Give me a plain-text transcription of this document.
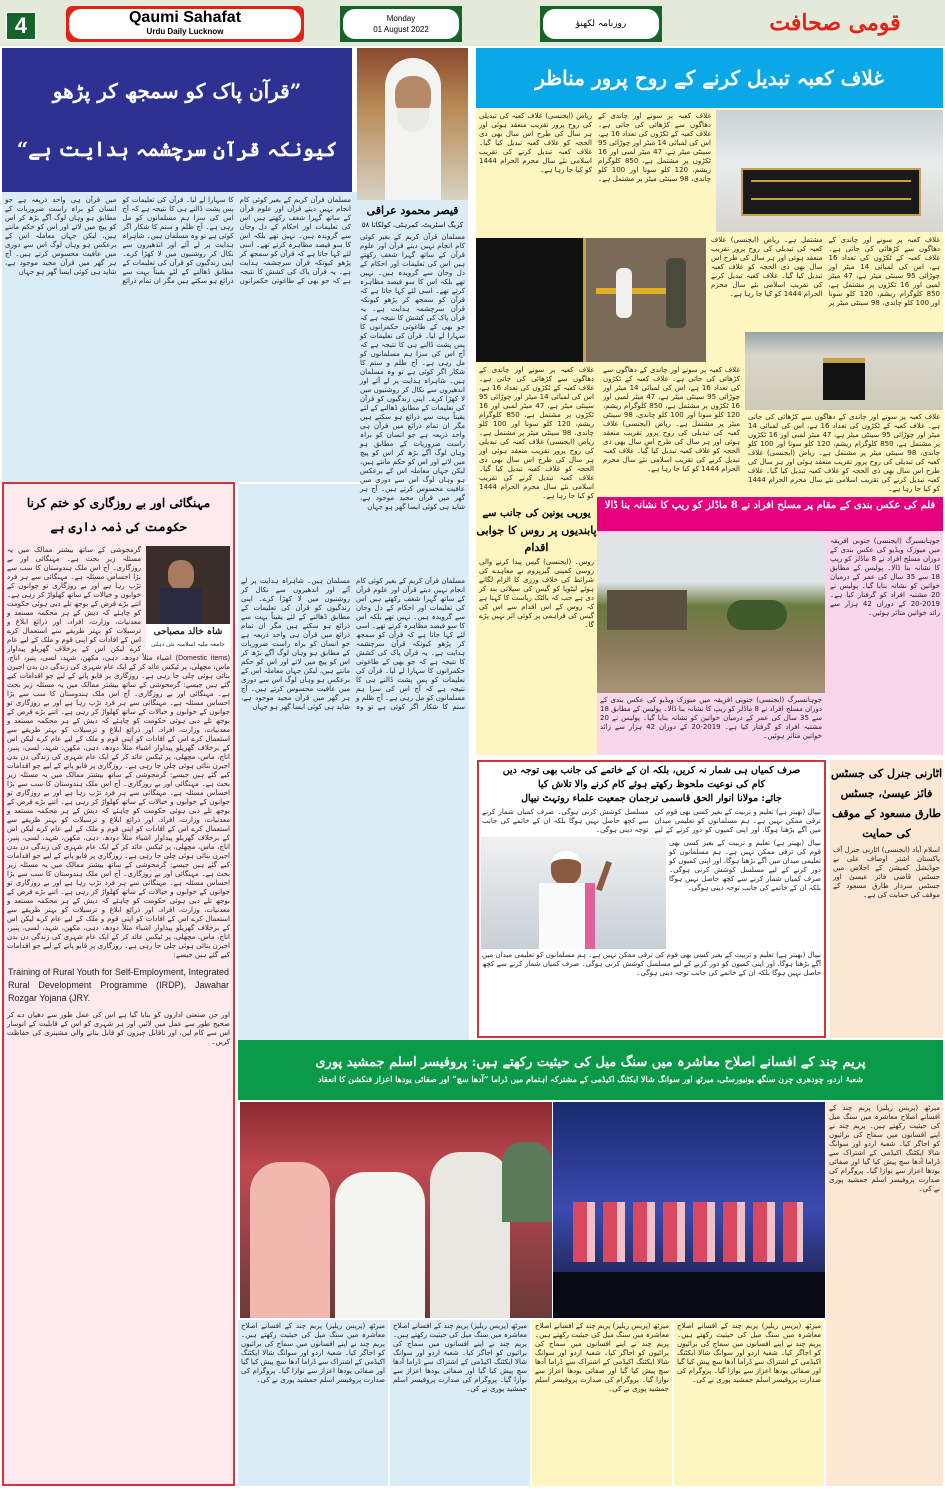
4	Qaumi Sahafat
Urdu Daily Lucknow
Monday
01 August 2022
روزنامہ لکھنؤ	قومی صحافت
”قرآن پاک کو سمجھ کر پڑھو
کیونکہ قرآن سرچشمہ ہدایت ہے“
مسلمان قرآن کریم کے بغیر کوئی کام انجام نہیں دیتے قرآن اور علوم قرآن کے ساتھ گہرا شغف رکھتے ہیں اس کی تعلیمات اور احکام کے دل وجان سے گرویدہ ہیں۔ نہیں تھے بلکہ اس کا سو فیصد مظاہرہ کرتے تھے۔ اسی لئے کہا جاتا ہے کہ قرآن کو سمجھ کر پڑھو کیونکہ قرآن سرچشمہ ہدایت ہے۔ یہ قرآن پاک کی کشش کا نتیجہ ہے کہ جو بھی کے طاغوتی حکمرانوں کا سہارا لے لیا۔ قرآن کی تعلیمات کو پس پشت ڈالنے ہی کا نتیجہ ہے کہ آج اس کی سزا ہم مسلمانوں کو مل رہی ہے۔ آج ظلم و ستم کا شکار اگر کوئی ہے تو وہ مسلمان ہیں۔ شاہراہ ہدایت پر لے آئے اور اندھیروں سے نکال کر روشنیوں میں لا کھڑا کرے۔ اپنی زندگیوں کو قرآن کی تعلیمات کے مطابق ڈھالنے کے لئے یقیناً بہت سے ذرائع ہو سکتے ہیں مگر ان تمام ذرائع میں قرآن ہی واحد ذریعہ ہے جو انسان کو براہ راست ضروریات کے مطابق ہو وہاں لوگ آگے بڑھ کر اس کو پیچ میں لاتے اور اس کو حکم مانتے ہیں، لیکن جہاں معاملہ اس کے برعکس ہو وہاں لوگ اس سے دوری میں عافیت محسوس کرتے ہیں۔ آج ہر گھر میں قرآن مجید موجود ہے، شاید ہی کوئی ایسا گھر ہو جہاں
قیصر محمود عراقی
کریگ اسٹریٹ، کمرہٹی، کولکاتا ٥٨
مسلمان قرآن کریم کے بغیر کوئی کام انجام نہیں دیتے قرآن اور علوم قرآن کے ساتھ گہرا شغف رکھتے ہیں اس کی تعلیمات اور احکام کے دل وجان سے گرویدہ ہیں۔ نہیں تھے بلکہ اس کا سو فیصد مظاہرہ کرتے تھے۔ اسی لئے کہا جاتا ہے کہ قرآن کو سمجھ کر پڑھو کیونکہ قرآن سرچشمہ ہدایت ہے۔ یہ قرآن پاک کی کشش کا نتیجہ ہے کہ جو بھی کے طاغوتی حکمرانوں کا سہارا لے لیا۔ قرآن کی تعلیمات کو پس پشت ڈالنے ہی کا نتیجہ ہے کہ آج اس کی سزا ہم مسلمانوں کو مل رہی ہے۔ آج ظلم و ستم کا شکار اگر کوئی ہے تو وہ مسلمان ہیں۔ شاہراہ ہدایت پر لے آئے اور اندھیروں سے نکال کر روشنیوں میں لا کھڑا کرے۔ اپنی زندگیوں کو قرآن کی تعلیمات کے مطابق ڈھالنے کے لئے یقیناً بہت سے ذرائع ہو سکتے ہیں مگر ان تمام ذرائع میں قرآن ہی واحد ذریعہ ہے جو انسان کو براہ راست ضروریات کے مطابق ہو وہاں لوگ آگے بڑھ کر اس کو پیچ میں لاتے اور اس کو حکم مانتے ہیں، لیکن جہاں معاملہ اس کے برعکس ہو وہاں لوگ اس سے دوری میں عافیت محسوس کرتے ہیں۔ آج ہر گھر میں قرآن مجید موجود ہے، شاید ہی کوئی ایسا گھر ہو جہاں
مسلمان قرآن کریم کے بغیر کوئی کام انجام نہیں دیتے قرآن اور علوم قرآن کے ساتھ گہرا شغف رکھتے ہیں اس کی تعلیمات اور احکام کے دل وجان سے گرویدہ ہیں۔ نہیں تھے بلکہ اس کا سو فیصد مظاہرہ کرتے تھے۔ اسی لئے کہا جاتا ہے کہ قرآن کو سمجھ کر پڑھو کیونکہ قرآن سرچشمہ ہدایت ہے۔ یہ قرآن پاک کی کشش کا نتیجہ ہے کہ جو بھی کے طاغوتی حکمرانوں کا سہارا لے لیا۔ قرآن کی تعلیمات کو پس پشت ڈالنے ہی کا نتیجہ ہے کہ آج اس کی سزا ہم مسلمانوں کو مل رہی ہے۔ آج ظلم و ستم کا شکار اگر کوئی ہے تو وہ مسلمان ہیں۔ شاہراہ ہدایت پر لے آئے اور اندھیروں سے نکال کر روشنیوں میں لا کھڑا کرے۔ اپنی زندگیوں کو قرآن کی تعلیمات کے مطابق ڈھالنے کے لئے یقیناً بہت سے ذرائع ہو سکتے ہیں مگر ان تمام ذرائع میں قرآن ہی واحد ذریعہ ہے جو انسان کو براہ راست ضروریات کے مطابق ہو وہاں لوگ آگے بڑھ کر اس کو پیچ میں لاتے اور اس کو حکم مانتے ہیں، لیکن جہاں معاملہ اس کے برعکس ہو وہاں لوگ اس سے دوری میں عافیت محسوس کرتے ہیں۔ آج ہر گھر میں قرآن مجید موجود ہے، شاید ہی کوئی ایسا گھر ہو جہاں
غلاف کعبہ تبدیل کرنے کے روح پرور مناظر
غلاف کعبہ پر سونے اور چاندی کے دھاگوں سے کڑھائی کی جاتی ہے۔ غلاف کعبہ کے ٹکڑوں کی تعداد 16 ہے، اس کی لمبائی 14 میٹر اور چوڑائی 95 سینٹی میٹر ہے، 47 میٹر لمبی اور 16 ٹکڑوں پر مشتمل ہے، 850 کلوگرام ریشم، 120 کلو سونا اور 100 کلو چاندی، 98 سینٹی میٹر پر مشتمل ہے۔ ریاض (ایجنسی) غلاف کعبہ کی تبدیلی کی روح پرور تقریب منعقد ہوئی اور ہر سال کی طرح اس سال بھی ذی الحجہ کو غلاف کعبہ تبدیل کیا گیا۔ غلاف کعبہ تبدیل کرنے کی تقریب اسلامی نئے سال محرم الحرام 1444 کو کیا جا رہا ہے۔
غلاف کعبہ پر سونے اور چاندی کے دھاگوں سے کڑھائی کی جاتی ہے۔ غلاف کعبہ کے ٹکڑوں کی تعداد 16 ہے، اس کی لمبائی 14 میٹر اور چوڑائی 95 سینٹی میٹر ہے، 47 میٹر لمبی اور 16 ٹکڑوں پر مشتمل ہے، 850 کلوگرام ریشم، 120 کلو سونا اور 100 کلو چاندی، 98 سینٹی میٹر پر مشتمل ہے۔ ریاض (ایجنسی) غلاف کعبہ کی تبدیلی کی روح پرور تقریب منعقد ہوئی اور ہر سال کی طرح اس سال بھی ذی الحجہ کو غلاف کعبہ تبدیل کیا گیا۔ غلاف کعبہ تبدیل کرنے کی تقریب اسلامی نئے سال محرم الحرام 1444 کو کیا جا رہا ہے۔
غلاف کعبہ پر سونے اور چاندی کے دھاگوں سے کڑھائی کی جاتی ہے۔ غلاف کعبہ کے ٹکڑوں کی تعداد 16 ہے، اس کی لمبائی 14 میٹر اور چوڑائی 95 سینٹی میٹر ہے، 47 میٹر لمبی اور 16 ٹکڑوں پر مشتمل ہے، 850 کلوگرام ریشم، 120 کلو سونا اور 100 کلو چاندی، 98 سینٹی میٹر پر مشتمل ہے۔ ریاض (ایجنسی) غلاف کعبہ کی تبدیلی کی روح پرور تقریب منعقد ہوئی اور ہر سال کی طرح اس سال بھی ذی الحجہ کو غلاف کعبہ تبدیل کیا گیا۔ غلاف کعبہ تبدیل کرنے کی تقریب اسلامی نئے سال محرم الحرام 1444 کو کیا جا رہا ہے۔
غلاف کعبہ پر سونے اور چاندی کے دھاگوں سے کڑھائی کی جاتی ہے۔ غلاف کعبہ کے ٹکڑوں کی تعداد 16 ہے، اس کی لمبائی 14 میٹر اور چوڑائی 95 سینٹی میٹر ہے، 47 میٹر لمبی اور 16 ٹکڑوں پر مشتمل ہے، 850 کلوگرام ریشم، 120 کلو سونا اور 100 کلو چاندی، 98 سینٹی میٹر پر مشتمل ہے۔ ریاض (ایجنسی) غلاف کعبہ کی تبدیلی کی روح پرور تقریب منعقد ہوئی اور ہر سال کی طرح اس سال بھی ذی الحجہ کو غلاف کعبہ تبدیل کیا گیا۔ غلاف کعبہ تبدیل کرنے کی تقریب اسلامی نئے سال محرم الحرام 1444 کو کیا جا رہا ہے۔
غلاف کعبہ پر سونے اور چاندی کے دھاگوں سے کڑھائی کی جاتی ہے۔ غلاف کعبہ کے ٹکڑوں کی تعداد 16 ہے، اس کی لمبائی 14 میٹر اور چوڑائی 95 سینٹی میٹر ہے، 47 میٹر لمبی اور 16 ٹکڑوں پر مشتمل ہے، 850 کلوگرام ریشم، 120 کلو سونا اور 100 کلو چاندی، 98 سینٹی میٹر پر مشتمل ہے۔ ریاض (ایجنسی) غلاف کعبہ کی تبدیلی کی روح پرور تقریب منعقد ہوئی اور ہر سال کی طرح اس سال بھی ذی الحجہ کو غلاف کعبہ تبدیل کیا گیا۔ غلاف کعبہ تبدیل کرنے کی تقریب اسلامی نئے سال محرم الحرام 1444 کو کیا جا رہا ہے۔
یورپی یونین کی جانب سے
پابندیوں پر روس کا جوابی اقدام
روس۔ (ایجنسی) گیس پیدا کرنے والی روسی کمپنی گیزپروم نے معاہدے کی شرائط کی خلاف ورزی کا الزام لگاتے ہوئے لیٹویا کو گیس کی سپلائی بند کر دی ہے جب کہ بالٹک ریاست کا کہنا ہے کہ روس کے اس اقدام سے اس کی گیس کی فراہمی پر کوئی اثر نہیں پڑے گا۔
فلم کی عکس بندی کے مقام پر مسلح افراد نے 8 ماڈلز کو ریپ کا نشانہ بنا ڈالا
جوہانسبرگ (ایجنسی) جنوبی افریقہ میں میوزک ویڈیو کی عکس بندی کے دوران مسلح افراد نے 8 ماڈلز کو ریپ کا نشانہ بنا ڈالا۔ پولیس کے مطابق 18 سے 35 سال کی عمر کے درمیان خواتین کو نشانہ بنایا گیا۔ پولیس نے 20 مشتبہ افراد کو گرفتار کیا ہے۔ 2019-20 کے دوران 42 ہزار سے زائد خواتین متاثر ہوئیں۔
جوہانسبرگ (ایجنسی) جنوبی افریقہ میں میوزک ویڈیو کی عکس بندی کے دوران مسلح افراد نے 8 ماڈلز کو ریپ کا نشانہ بنا ڈالا۔ پولیس کے مطابق 18 سے 35 سال کی عمر کے درمیان خواتین کو نشانہ بنایا گیا۔ پولیس نے 20 مشتبہ افراد کو گرفتار کیا ہے۔ 2019-20 کے دوران 42 ہزار سے زائد خواتین متاثر ہوئیں۔
مہنگائی اور بے روزگاری کو ختم کرنا
حکومت کی ذمہ داری ہے
شاہ خالد مصباحی
جامعہ ملیہ اسلامیہ نئی دہلی
گرمجوشی کے ساتھ بیشتر ممالک میں یہ مسئلہ زیر بحث ہے۔ مہنگائی اور بے روزگاری۔ آج اس ملک ہندوستان کا سب سے بڑا احساس مسئلہ ہے۔ مہنگائی سے ہر فرد تڑپ رہا ہے اور بے روزگاری تو جوانوں کے خوابوں و خیالات کے ساتھ کھلواڑ کر رہی ہے۔ اتنے بڑے قرض کے بوجھ تلے دبی ہوئی حکومت کو چاہئے کہ دیش کے ہر محکمہ مستعد و معدنیات، وزارت، افراد، اور ذرائع ابلاغ و ترسیلات کو بہتر طریقے سے استعمال کرے اس کے افادات کو اپنی قوم و ملک کے لیے عام کرے لیکن اس کے برخلاف گھریلو پیداوار (Domestic items) اشیاء مثلاً دودھ، دہی، مکھن، شہد، لسی، پنیر، اناج، ماس، مچھلی، پر ٹیکس عائد کر کے ایک عام شہری کی زندگی دن بدن اجیرن بنائی ہوئی چلی جا رہی ہے۔ روزگاری پر قابو پانے کے لیے جو اقدامات کیے گئے ہیں جیسے: گرمجوشی کے ساتھ بیشتر ممالک میں یہ مسئلہ زیر بحث ہے۔ مہنگائی اور بے روزگاری۔ آج اس ملک ہندوستان کا سب سے بڑا احساس مسئلہ ہے۔ مہنگائی سے ہر فرد تڑپ رہا ہے اور بے روزگاری تو جوانوں کے خوابوں و خیالات کے ساتھ کھلواڑ کر رہی ہے۔ اتنے بڑے قرض کے بوجھ تلے دبی ہوئی حکومت کو چاہئے کہ دیش کے ہر محکمہ مستعد و معدنیات، وزارت، افراد، اور ذرائع ابلاغ و ترسیلات کو بہتر طریقے سے استعمال کرے اس کے افادات کو اپنی قوم و ملک کے لیے عام کرے لیکن اس کے برخلاف گھریلو پیداوار اشیاء مثلاً دودھ، دہی، مکھن، شہد، لسی، پنیر، اناج، ماس، مچھلی، پر ٹیکس عائد کر کے ایک عام شہری کی زندگی دن بدن اجیرن بنائی ہوئی چلی جا رہی ہے۔ روزگاری پر قابو پانے کے لیے جو اقدامات کیے گئے ہیں جیسے: گرمجوشی کے ساتھ بیشتر ممالک میں یہ مسئلہ زیر بحث ہے۔ مہنگائی اور بے روزگاری۔ آج اس ملک ہندوستان کا سب سے بڑا احساس مسئلہ ہے۔ مہنگائی سے ہر فرد تڑپ رہا ہے اور بے روزگاری تو جوانوں کے خوابوں و خیالات کے ساتھ کھلواڑ کر رہی ہے۔ اتنے بڑے قرض کے بوجھ تلے دبی ہوئی حکومت کو چاہئے کہ دیش کے ہر محکمہ مستعد و معدنیات، وزارت، افراد، اور ذرائع ابلاغ و ترسیلات کو بہتر طریقے سے استعمال کرے اس کے افادات کو اپنی قوم و ملک کے لیے عام کرے لیکن اس کے برخلاف گھریلو پیداوار اشیاء مثلاً دودھ، دہی، مکھن، شہد، لسی، پنیر، اناج، ماس، مچھلی، پر ٹیکس عائد کر کے ایک عام شہری کی زندگی دن بدن اجیرن بنائی ہوئی چلی جا رہی ہے۔ روزگاری پر قابو پانے کے لیے جو اقدامات کیے گئے ہیں جیسے: گرمجوشی کے ساتھ بیشتر ممالک میں یہ مسئلہ زیر بحث ہے۔ مہنگائی اور بے روزگاری۔ آج اس ملک ہندوستان کا سب سے بڑا احساس مسئلہ ہے۔ مہنگائی سے ہر فرد تڑپ رہا ہے اور بے روزگاری تو جوانوں کے خوابوں و خیالات کے ساتھ کھلواڑ کر رہی ہے۔ اتنے بڑے قرض کے بوجھ تلے دبی ہوئی حکومت کو چاہئے کہ دیش کے ہر محکمہ مستعد و معدنیات، وزارت، افراد، اور ذرائع ابلاغ و ترسیلات کو بہتر طریقے سے استعمال کرے اس کے افادات کو اپنی قوم و ملک کے لیے عام کرے لیکن اس کے برخلاف گھریلو پیداوار اشیاء مثلاً دودھ، دہی، مکھن، شہد، لسی، پنیر، اناج، ماس، مچھلی، پر ٹیکس عائد کر کے ایک عام شہری کی زندگی دن بدن اجیرن بنائی ہوئی چلی جا رہی ہے۔ روزگاری پر قابو پانے کے لیے جو اقدامات کیے گئے ہیں جیسے:
Training of Rural Youth for Self-Employment, Integrated Rural Development Programme (IRDP), Jawahar Rozgar Yojana (JRY.
اور جن صنعتی اداروں کو بنایا گیا ہے اس کی عمل طور سے دھیان دے کر صحیح طور سے عمل میں لائیں اور ہر شہری کو اس کے قابلیت کے انوسار اس سے کام لیں، اور ناقابل چیزوں کو قابل بنانے والی مشینری کی حفاظت کریں۔
صرف کمیاں ہی شمار نہ کریں، بلکہ ان کے خاتمے کی جانب بھی توجہ دیں
کام کی نوعیت ملحوظ رکھتے ہوئے کام کرنے والا تلاش کیا
جائے: مولانا انوار الحق قاسمی ترجمان جمعیت علماء روتہٹ نیپال
نیپال (بھیتر ہے) تعلیم و تربیت کے بغیر کسی بھی قوم کی ترقی ممکن نہیں ہے۔ ہم مسلمانوں کو تعلیمی میدان میں آگے بڑھنا ہوگا، اور اپنی کمیوں کو دور کرنے کے لیے مسلسل کوشش کرنی ہوگی۔ صرف کمیاں شمار کرنے سے کچھ حاصل نہیں ہوگا بلکہ ان کے خاتمے کی جانب توجہ دینی ہوگی۔
نیپال (بھیتر ہے) تعلیم و تربیت کے بغیر کسی بھی قوم کی ترقی ممکن نہیں ہے۔ ہم مسلمانوں کو تعلیمی میدان میں آگے بڑھنا ہوگا، اور اپنی کمیوں کو دور کرنے کے لیے مسلسل کوشش کرنی ہوگی۔ صرف کمیاں شمار کرنے سے کچھ حاصل نہیں ہوگا بلکہ ان کے خاتمے کی جانب توجہ دینی ہوگی۔
نیپال (بھیتر ہے) تعلیم و تربیت کے بغیر کسی بھی قوم کی ترقی ممکن نہیں ہے۔ ہم مسلمانوں کو تعلیمی میدان میں آگے بڑھنا ہوگا، اور اپنی کمیوں کو دور کرنے کے لیے مسلسل کوشش کرنی ہوگی۔ صرف کمیاں شمار کرنے سے کچھ حاصل نہیں ہوگا بلکہ ان کے خاتمے کی جانب توجہ دینی ہوگی۔
اٹارنی جنرل کی جسٹس فائز عیسیٰ، جسٹس طارق مسعود کے موقف کی حمایت
اسلام آباد (ایجنسی) اٹارنی جنرل آف پاکستان اشتر اوصاف علی نے جوڈیشل کمیشن کے اجلاس میں جسٹس قاضی فائز عیسیٰ اور جسٹس سردار طارق مسعود کے موقف کی حمایت کی ہے۔
پریم چند کے افسانے اصلاح معاشرہ میں سنگ میل کی حیثیت رکھتے ہیں: پروفیسر اسلم جمشید پوری
شعبۂ اردو، چودھری چرن سنگھ یونیورسٹی، میرٹھ اور سوانگ شالا ایکٹنگ اکیڈمی کے مشترکہ اہتمام میں ڈراما ”آدھا سچ“ اور صفائی یودھا اعزاز فنکشن کا انعقاد
میرٹھ (پریس ریلیز) پریم چند کے افسانے اصلاح معاشرہ میں سنگ میل کی حیثیت رکھتے ہیں۔ پریم چند نے اپنے افسانوں میں سماج کی برائیوں کو اجاگر کیا۔ شعبۂ اردو اور سوانگ شالا ایکٹنگ اکیڈمی کے اشتراک سے ڈراما آدھا سچ پیش کیا گیا اور صفائی یودھا اعزاز سے نوازا گیا۔ پروگرام کی صدارت پروفیسر اسلم جمشید پوری نے کی۔
میرٹھ (پریس ریلیز) پریم چند کے افسانے اصلاح معاشرہ میں سنگ میل کی حیثیت رکھتے ہیں۔ پریم چند نے اپنے افسانوں میں سماج کی برائیوں کو اجاگر کیا۔ شعبۂ اردو اور سوانگ شالا ایکٹنگ اکیڈمی کے اشتراک سے ڈراما آدھا سچ پیش کیا گیا اور صفائی یودھا اعزاز سے نوازا گیا۔ پروگرام کی صدارت پروفیسر اسلم جمشید پوری نے کی۔
میرٹھ (پریس ریلیز) پریم چند کے افسانے اصلاح معاشرہ میں سنگ میل کی حیثیت رکھتے ہیں۔ پریم چند نے اپنے افسانوں میں سماج کی برائیوں کو اجاگر کیا۔ شعبۂ اردو اور سوانگ شالا ایکٹنگ اکیڈمی کے اشتراک سے ڈراما آدھا سچ پیش کیا گیا اور صفائی یودھا اعزاز سے نوازا گیا۔ پروگرام کی صدارت پروفیسر اسلم جمشید پوری نے کی۔
میرٹھ (پریس ریلیز) پریم چند کے افسانے اصلاح معاشرہ میں سنگ میل کی حیثیت رکھتے ہیں۔ پریم چند نے اپنے افسانوں میں سماج کی برائیوں کو اجاگر کیا۔ شعبۂ اردو اور سوانگ شالا ایکٹنگ اکیڈمی کے اشتراک سے ڈراما آدھا سچ پیش کیا گیا اور صفائی یودھا اعزاز سے نوازا گیا۔ پروگرام کی صدارت پروفیسر اسلم جمشید پوری نے کی۔
میرٹھ (پریس ریلیز) پریم چند کے افسانے اصلاح معاشرہ میں سنگ میل کی حیثیت رکھتے ہیں۔ پریم چند نے اپنے افسانوں میں سماج کی برائیوں کو اجاگر کیا۔ شعبۂ اردو اور سوانگ شالا ایکٹنگ اکیڈمی کے اشتراک سے ڈراما آدھا سچ پیش کیا گیا اور صفائی یودھا اعزاز سے نوازا گیا۔ پروگرام کی صدارت پروفیسر اسلم جمشید پوری نے کی۔
